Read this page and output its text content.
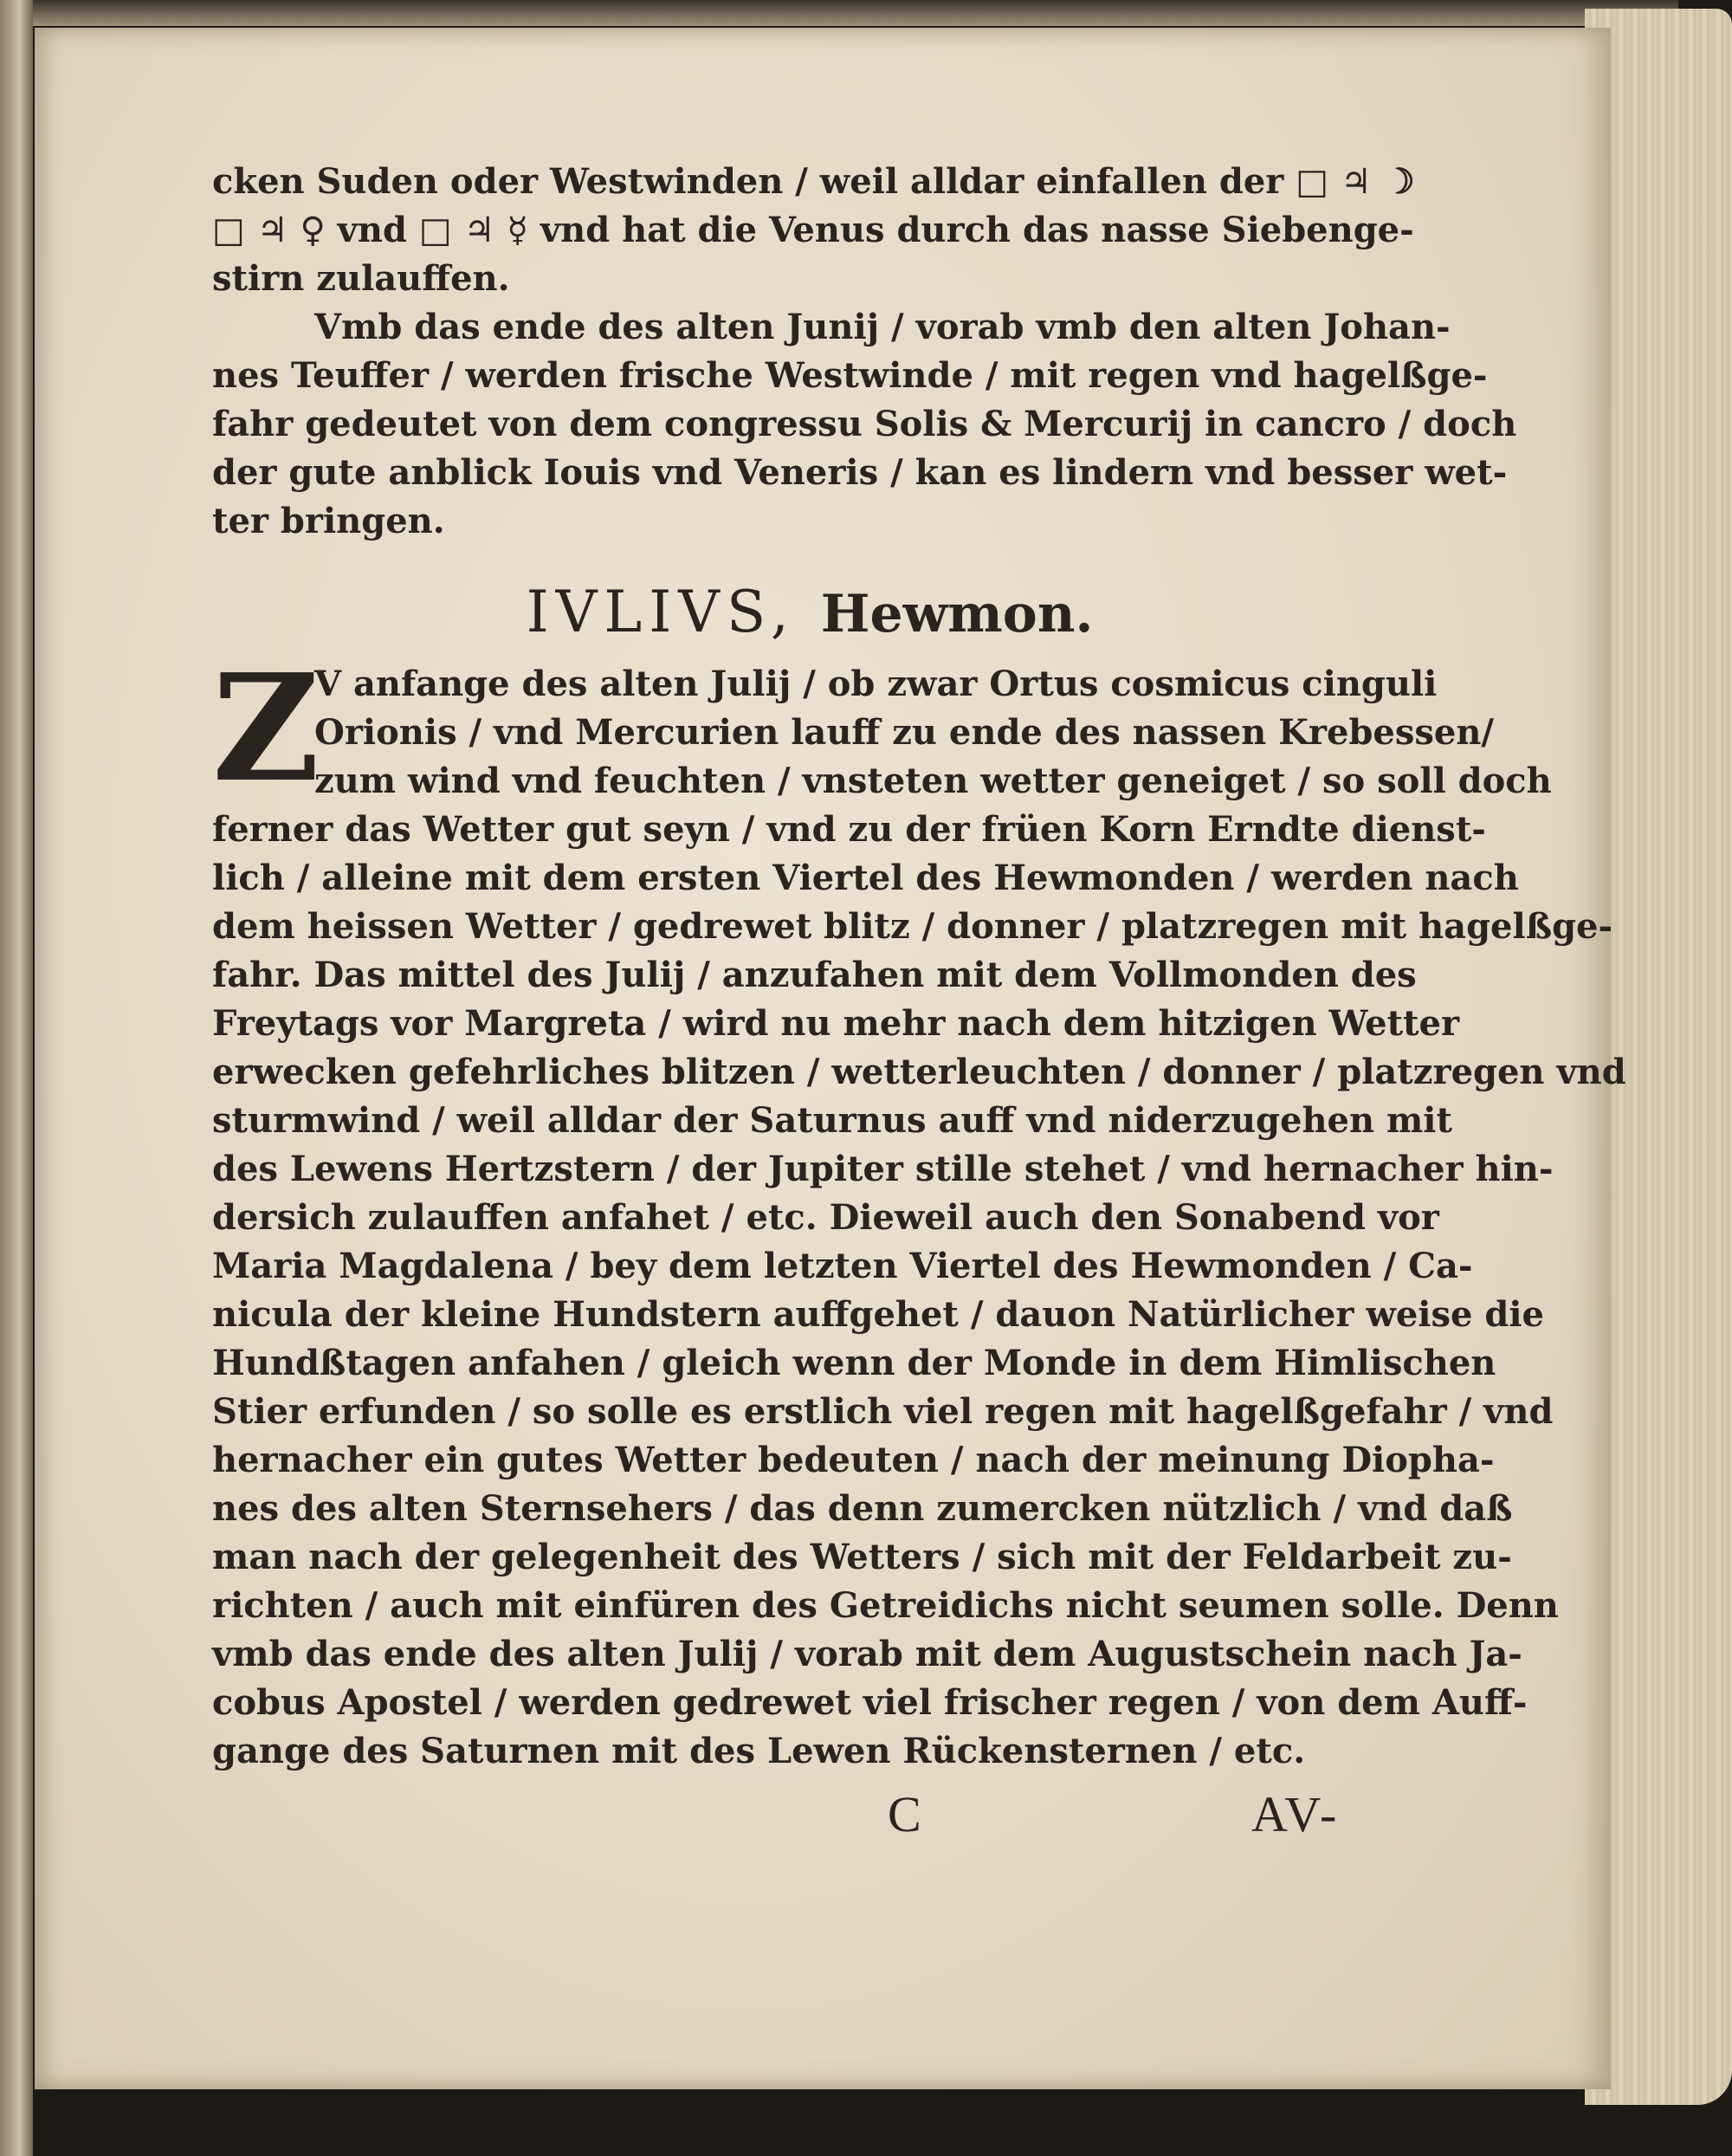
cken Suden oder Westwinden / weil alldar einfallen der □ ♃ ☽
□ ♃ ♀ vnd □ ♃ ☿ vnd hat die Venus durch das nasse Siebenge-
stirn zulauffen.
Vmb das ende des alten Junij / vorab vmb den alten Johan-
nes Teuffer / werden frische Westwinde / mit regen vnd hagelßge-
fahr gedeutet von dem congressu Solis & Mercurij in cancro / doch
der gute anblick Iouis vnd Veneris / kan es lindern vnd besser wet-
ter bringen.
IVLIVS, Hewmon.
Z
V anfange des alten Julij / ob zwar Ortus cosmicus cinguli
Orionis / vnd Mercurien lauff zu ende des nassen Krebessen/
zum wind vnd feuchten / vnsteten wetter geneiget / so soll doch
ferner das Wetter gut seyn / vnd zu der früen Korn Erndte dienst-
lich / alleine mit dem ersten Viertel des Hewmonden / werden nach
dem heissen Wetter / gedrewet blitz / donner / platzregen mit hagelßge-
fahr. Das mittel des Julij / anzufahen mit dem Vollmonden des
Freytags vor Margreta / wird nu mehr nach dem hitzigen Wetter
erwecken gefehrliches blitzen / wetterleuchten / donner / platzregen vnd
sturmwind / weil alldar der Saturnus auff vnd niderzugehen mit
des Lewens Hertzstern / der Jupiter stille stehet / vnd hernacher hin-
dersich zulauffen anfahet / etc. Dieweil auch den Sonabend vor
Maria Magdalena / bey dem letzten Viertel des Hewmonden / Ca-
nicula der kleine Hundstern auffgehet / dauon Natürlicher weise die
Hundßtagen anfahen / gleich wenn der Monde in dem Himlischen
Stier erfunden / so solle es erstlich viel regen mit hagelßgefahr / vnd
hernacher ein gutes Wetter bedeuten / nach der meinung Diopha-
nes des alten Sternsehers / das denn zumercken nützlich / vnd daß
man nach der gelegenheit des Wetters / sich mit der Feldarbeit zu-
richten / auch mit einfüren des Getreidichs nicht seumen solle. Denn
vmb das ende des alten Julij / vorab mit dem Augustschein nach Ja-
cobus Apostel / werden gedrewet viel frischer regen / von dem Auff-
gange des Saturnen mit des Lewen Rückensternen / etc.
C	AV-
